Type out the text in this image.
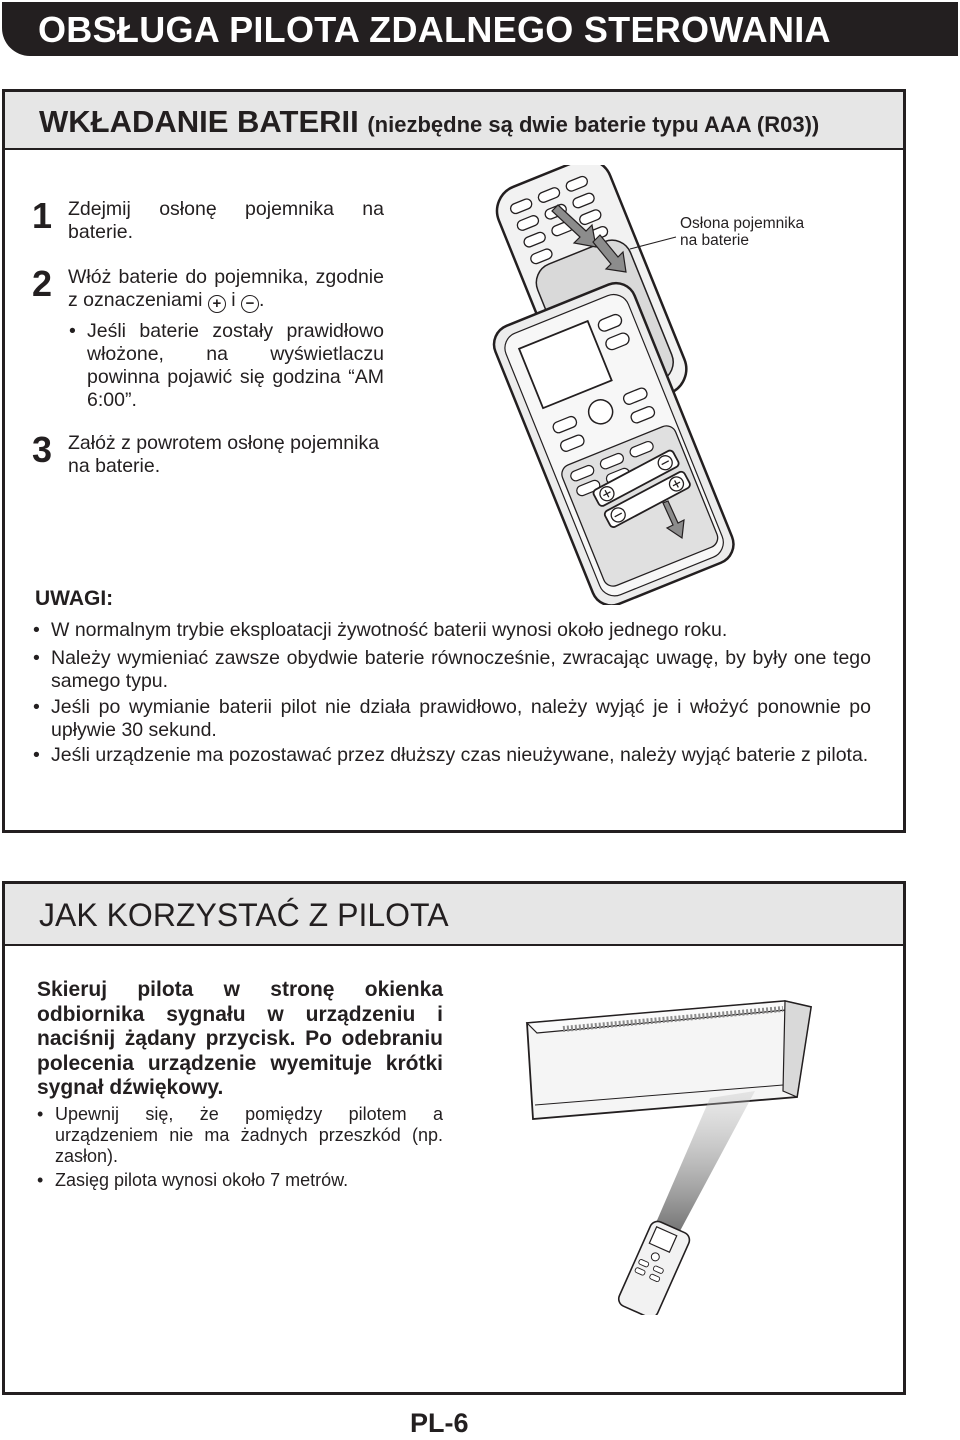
OBSŁUGA PILOTA ZDALNEGO STEROWANIA
WKŁADANIE BATERII (niezbędne są dwie baterie typu AAA (R03))
1 Zdejmij osłonę pojemnika na baterie.
2 Włóż baterie do pojemnika, zgodnie z oznaczeniami + i − .
• Jeśli baterie zostały prawidłowo włożone, na wyświetlaczu powinna pojawić się godzina “AM 6:00”.
3 Załóż z powrotem osłonę pojemnika na baterie.
Osłona pojemnika
na baterie
UWAGI:
• W normalnym trybie eksploatacji żywotność baterii wynosi około jednego roku.
• Należy wymieniać zawsze obydwie baterie równocześnie, zwracając uwagę, by były one tego samego typu.
• Jeśli po wymianie baterii pilot nie działa prawidłowo, należy wyjąć je i włożyć ponownie po upływie 30 sekund.
• Jeśli urządzenie ma pozostawać przez dłuższy czas nieużywane, należy wyjąć baterie z pilota.
JAK KORZYSTAĆ Z PILOTA
Skieruj pilota w stronę okienka odbiornika sygnału w urządzeniu i naciśnij żądany przycisk. Po odebraniu polecenia urządzenie wyemituje krótki sygnał dźwiękowy.
• Upewnij się, że pomiędzy pilotem a urządzeniem nie ma żadnych przeszkód (np. zasłon).
• Zasięg pilota wynosi około 7 metrów.
PL-6
